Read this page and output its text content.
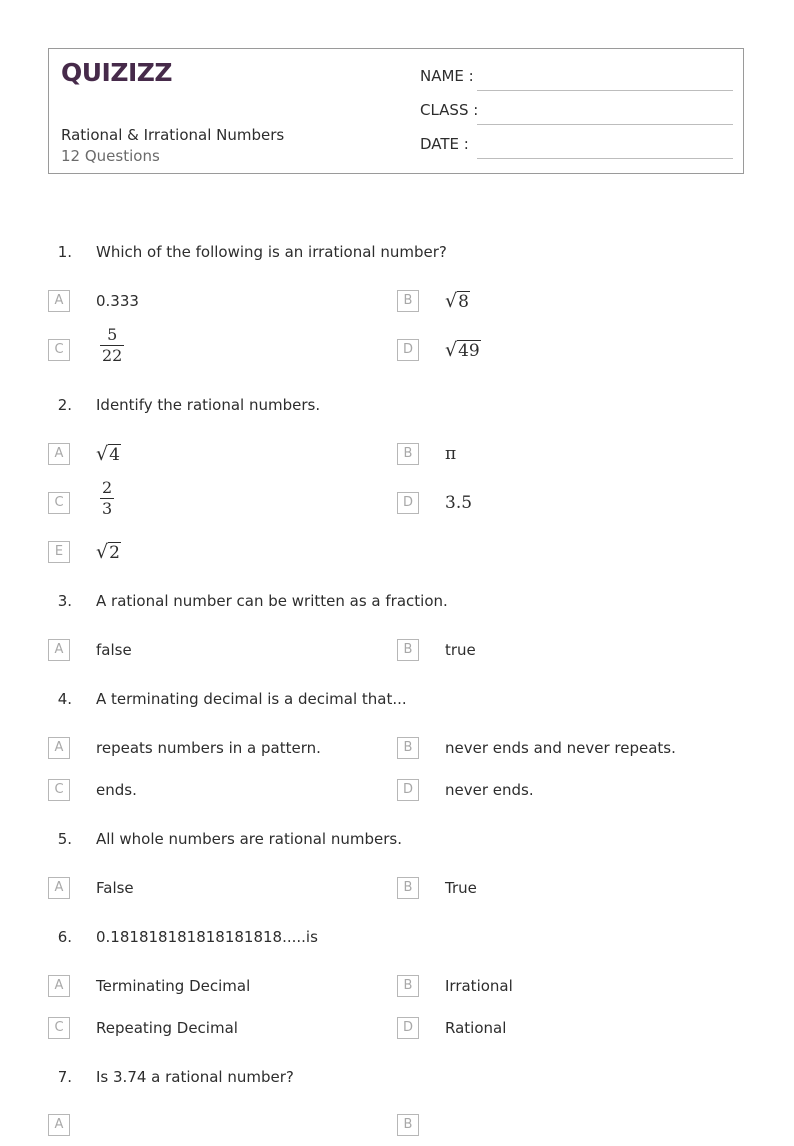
QUIZIZZ
Rational & Irrational Numbers
12 Questions
NAME :
CLASS :
DATE :
1. Which of the following is an irrational number?
A	0.333	B	√8
C
5
22	D	√49
2. Identify the rational numbers.
A	√4	B	π
C
2
3	D	3.5
E	√2
3. A rational number can be written as a fraction.
A	false	B	true
4. A terminating decimal is a decimal that...
A	repeats numbers in a pattern.	B	never ends and never repeats.
C	ends.	D	never ends.
5. All whole numbers are rational numbers.
A	False	B	True
6. 0.181818181818181818.....is
A	Terminating Decimal	B	Irrational
C	Repeating Decimal	D	Rational
7. Is 3.74 a rational number?
A	B
